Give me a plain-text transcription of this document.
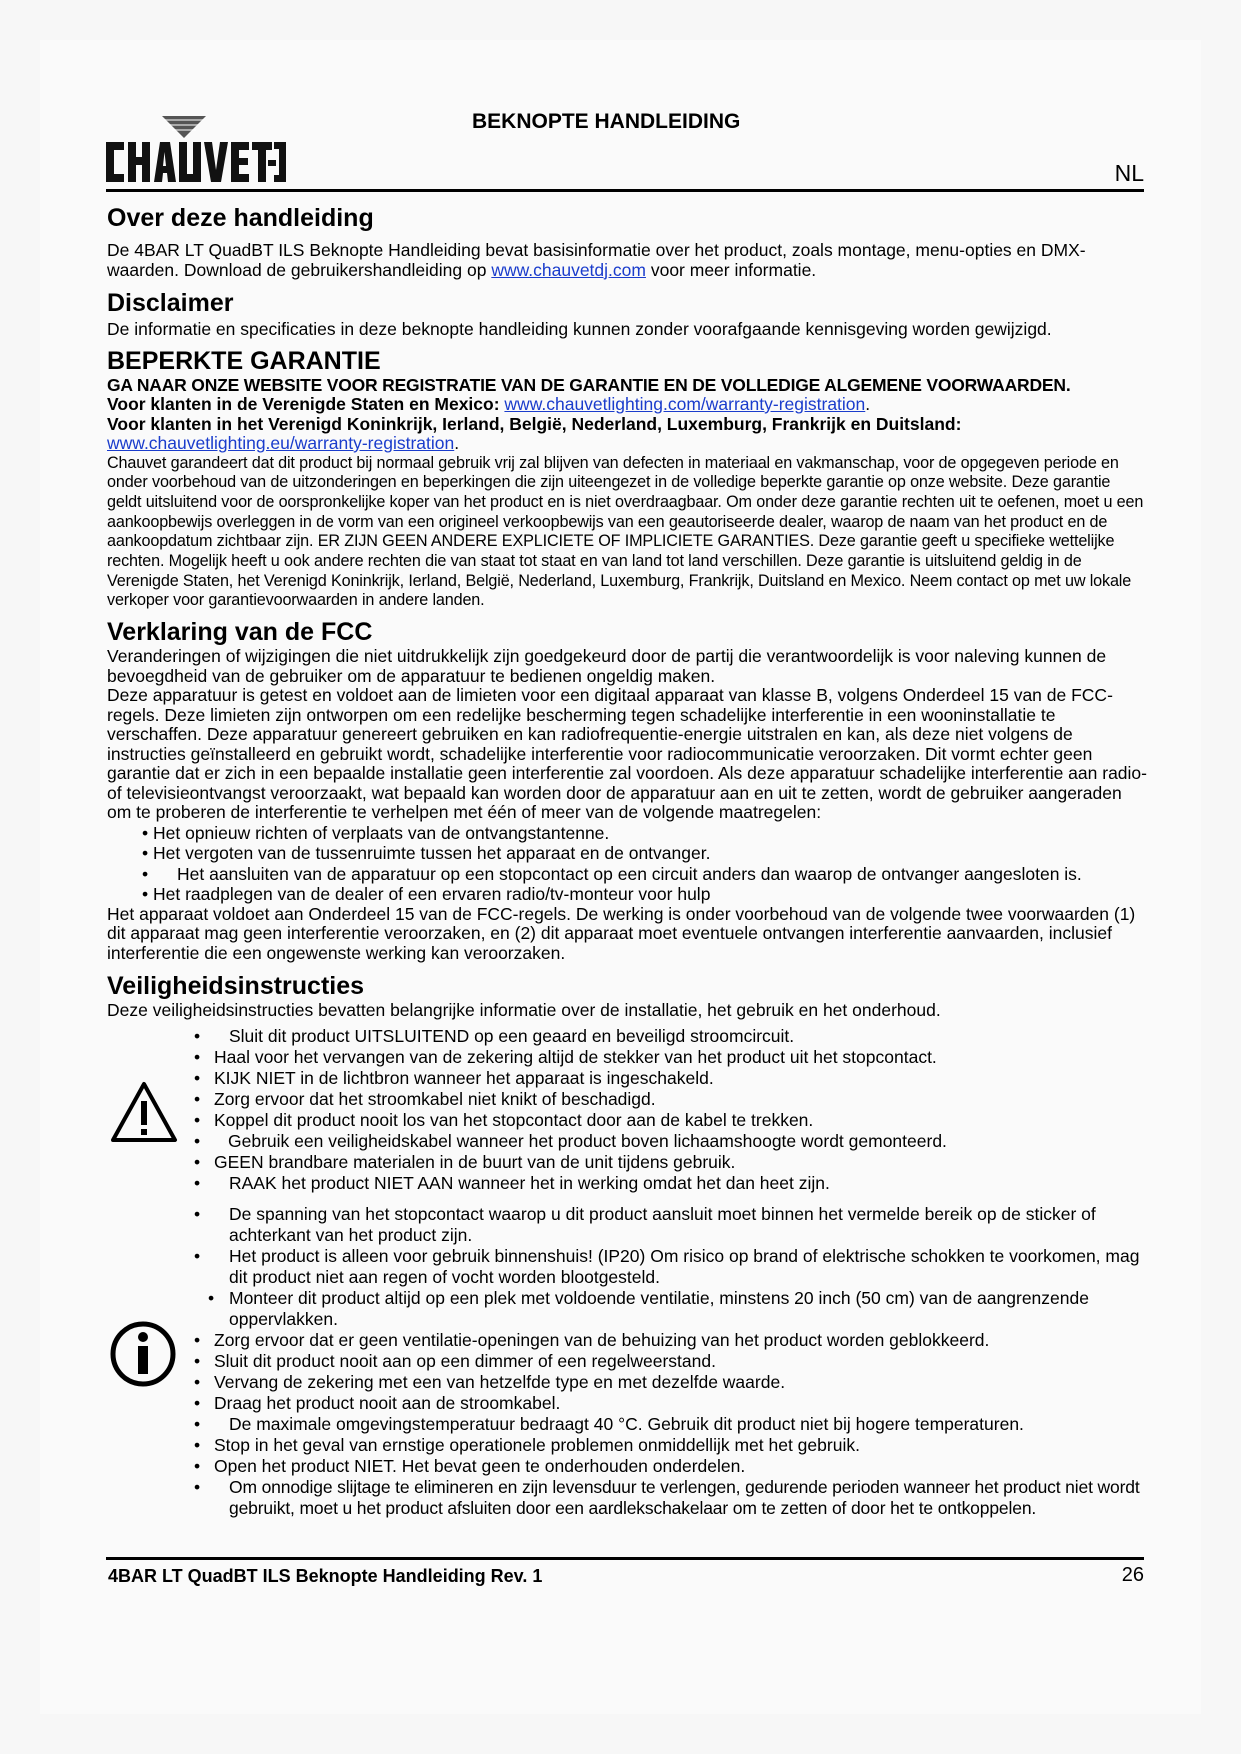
BEKNOPTE HANDLEIDING
NL
Over deze handleiding

De 4BAR LT QuadBT ILS Beknopte Handleiding bevat basisinformatie over het product, zoals montage, menu-opties en DMX-waarden. Download de gebruikershandleiding op www.chauvetdj.com voor meer informatie.

Disclaimer

De informatie en specificaties in deze beknopte handleiding kunnen zonder voorafgaande kennisgeving worden gewijzigd.

BEPERKTE GARANTIE

GA NAAR ONZE WEBSITE VOOR REGISTRATIE VAN DE GARANTIE EN DE VOLLEDIGE ALGEMENE VOORWAARDEN.

Voor klanten in de Verenigde Staten en Mexico: www.chauvetlighting.com/warranty-registration.

Voor klanten in het Verenigd Koninkrijk, Ierland, België, Nederland, Luxemburg, Frankrijk en Duitsland:

www.chauvetlighting.eu/warranty-registration.

Chauvet garandeert dat dit product bij normaal gebruik vrij zal blijven van defecten in materiaal en vakmanschap, voor de opgegeven periode en onder voorbehoud van de uitzonderingen en beperkingen die zijn uiteengezet in de volledige beperkte garantie op onze website. Deze garantie geldt uitsluitend voor de oorspronkelijke koper van het product en is niet overdraagbaar. Om onder deze garantie rechten uit te oefenen, moet u een aankoopbewijs overleggen in de vorm van een origineel verkoopbewijs van een geautoriseerde dealer, waarop de naam van het product en de aankoopdatum zichtbaar zijn. ER ZIJN GEEN ANDERE EXPLICIETE OF IMPLICIETE GARANTIES. Deze garantie geeft u specifieke wettelijke rechten. Mogelijk heeft u ook andere rechten die van staat tot staat en van land tot land verschillen. Deze garantie is uitsluitend geldig in de Verenigde Staten, het Verenigd Koninkrijk, Ierland, België, Nederland, Luxemburg, Frankrijk, Duitsland en Mexico. Neem contact op met uw lokale verkoper voor garantievoorwaarden in andere landen.

Verklaring van de FCC

Veranderingen of wijzigingen die niet uitdrukkelijk zijn goedgekeurd door de partij die verantwoordelijk is voor naleving kunnen de bevoegdheid van de gebruiker om de apparatuur te bedienen ongeldig maken.

Deze apparatuur is getest en voldoet aan de limieten voor een digitaal apparaat van klasse B, volgens Onderdeel 15 van de FCC-regels. Deze limieten zijn ontworpen om een redelijke bescherming tegen schadelijke interferentie in een wooninstallatie te verschaffen. Deze apparatuur genereert gebruiken en kan radiofrequentie-energie uitstralen en kan, als deze niet volgens de instructies geïnstalleerd en gebruikt wordt, schadelijke interferentie voor radiocommunicatie veroorzaken. Dit vormt echter geen garantie dat er zich in een bepaalde installatie geen interferentie zal voordoen. Als deze apparatuur schadelijke interferentie aan radio- of televisieontvangst veroorzaakt, wat bepaald kan worden door de apparatuur aan en uit te zetten, wordt de gebruiker aangeraden om te proberen de interferentie te verhelpen met één of meer van de volgende maatregelen:

• Het opnieuw richten of verplaats van de ontvangstantenne.
• Het vergoten van de tussenruimte tussen het apparaat en de ontvanger.
• Het aansluiten van de apparatuur op een stopcontact op een circuit anders dan waarop de ontvanger aangesloten is.
• Het raadplegen van de dealer of een ervaren radio/tv-monteur voor hulp

Het apparaat voldoet aan Onderdeel 15 van de FCC-regels. De werking is onder voorbehoud van de volgende twee voorwaarden (1) dit apparaat mag geen interferentie veroorzaken, en (2) dit apparaat moet eventuele ontvangen interferentie aanvaarden, inclusief interferentie die een ongewenste werking kan veroorzaken.

Veiligheidsinstructies

Deze veiligheidsinstructies bevatten belangrijke informatie over de installatie, het gebruik en het onderhoud.

• Sluit dit product UITSLUITEND op een geaard en beveiligd stroomcircuit.
• Haal voor het vervangen van de zekering altijd de stekker van het product uit het stopcontact.
• KIJK NIET in de lichtbron wanneer het apparaat is ingeschakeld.
• Zorg ervoor dat het stroomkabel niet knikt of beschadigd.
• Koppel dit product nooit los van het stopcontact door aan de kabel te trekken.
• Gebruik een veiligheidskabel wanneer het product boven lichaamshoogte wordt gemonteerd.
• GEEN brandbare materialen in de buurt van de unit tijdens gebruik.
• RAAK het product NIET AAN wanneer het in werking omdat het dan heet zijn.
• De spanning van het stopcontact waarop u dit product aansluit moet binnen het vermelde bereik op de sticker of achterkant van het product zijn.
• Het product is alleen voor gebruik binnenshuis! (IP20) Om risico op brand of elektrische schokken te voorkomen, mag dit product niet aan regen of vocht worden blootgesteld.
• Monteer dit product altijd op een plek met voldoende ventilatie, minstens 20 inch (50 cm) van de aangrenzende oppervlakken.
• Zorg ervoor dat er geen ventilatie-openingen van de behuizing van het product worden geblokkeerd.
• Sluit dit product nooit aan op een dimmer of een regelweerstand.
• Vervang de zekering met een van hetzelfde type en met dezelfde waarde.
• Draag het product nooit aan de stroomkabel.
• De maximale omgevingstemperatuur bedraagt 40 °C. Gebruik dit product niet bij hogere temperaturen.
• Stop in het geval van ernstige operationele problemen onmiddellijk met het gebruik.
• Open het product NIET. Het bevat geen te onderhouden onderdelen.
• Om onnodige slijtage te elimineren en zijn levensduur te verlengen, gedurende perioden wanneer het product niet wordt gebruikt, moet u het product afsluiten door een aardlekschakelaar om te zetten of door het te ontkoppelen.
4BAR LT QuadBT ILS Beknopte Handleiding Rev. 1	26
